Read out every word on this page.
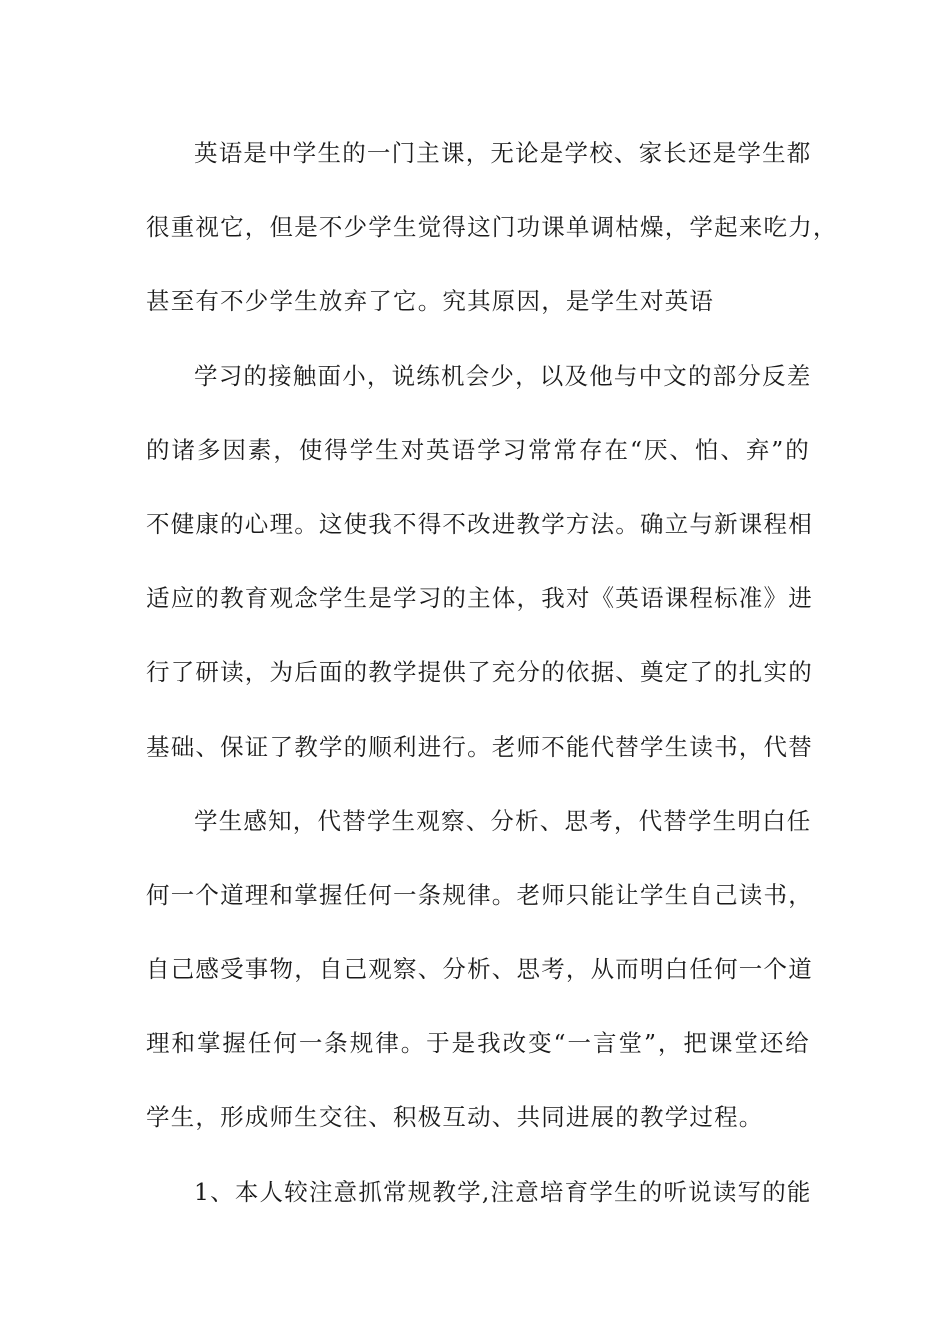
英语是中学生的一门主课，无论是学校、家长还是学生都
很重视它，但是不少学生觉得这门功课单调枯燥，学起来吃力，
甚至有不少学生放弃了它。究其原因，是学生对英语
学习的接触面小，说练机会少，以及他与中文的部分反差
的诸多因素，使得学生对英语学习常常存在“厌、怕、弃”的
不健康的心理。这使我不得不改进教学方法。确立与新课程相
适应的教育观念学生是学习的主体，我对《英语课程标准》进
行了研读，为后面的教学提供了充分的依据、奠定了的扎实的
基础、保证了教学的顺利进行。老师不能代替学生读书，代替
学生感知，代替学生观察、分析、思考，代替学生明白任
何一个道理和掌握任何一条规律。老师只能让学生自己读书，
自己感受事物，自己观察、分析、思考，从而明白任何一个道
理和掌握任何一条规律。于是我改变“一言堂”，把课堂还给
学生，形成师生交往、积极互动、共同进展的教学过程。
1、本人较注意抓常规教学,注意培育学生的听说读写的能
